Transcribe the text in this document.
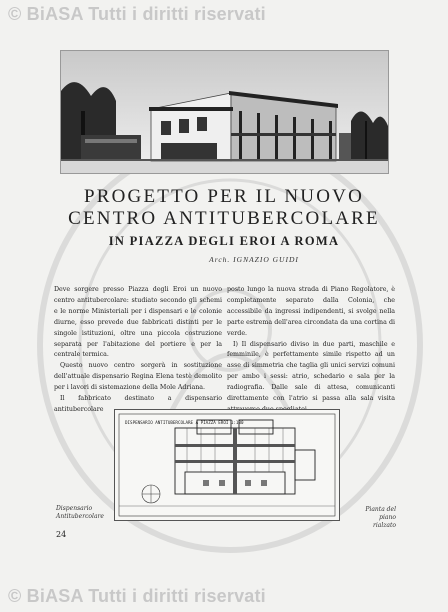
© BiASA Tutti i diritti riservati
PROGETTO PER IL NUOVO
CENTRO ANTITUBERCOLARE
IN PIAZZA DEGLI EROI A ROMA
Arch. IGNAZIO GUIDI

Deve sorgere presso Piazza degli Eroi un nuovo centro antitubercolare: studiato secondo gli schemi e le norme Ministeriali per i dispensari e le colonie diurne, esso prevede due fabbricati distinti per le singole istituzioni, oltre una piccola costruzione separata per l'abitazione del portiere e per la centrale termica.

Questo nuovo centro sorgerà in sostituzione dell'attuale dispensario Regina Elena testè demolito per i lavori di sistemazione della Mole Adriana.

Il fabbricato destinato a dispensario antitubercolare

posto lungo la nuova strada di Piano Regolatore, è completamente separato dalla Colonia, che accessibile da ingressi indipendenti, si svolge nella parte estrema dell'area circondata da una cortina di verde.

I) Il dispensario diviso in due parti, maschile e femminile, è perfettamente simile rispetto ad un asse di simmetria che taglia gli unici servizi comuni per ambo i sessi: atrio, schedario e sala per la radiografia. Dalle sale di attesa, comunicanti direttamente con l'atrio si passa alla sala visita

DISPENSARIO ANTITUBERCOLARE A PIAZZA EROI 1:100
Dispensario
Antitubercolare
Pianta del piano
rialzato
24
© BiASA Tutti i diritti riservati
